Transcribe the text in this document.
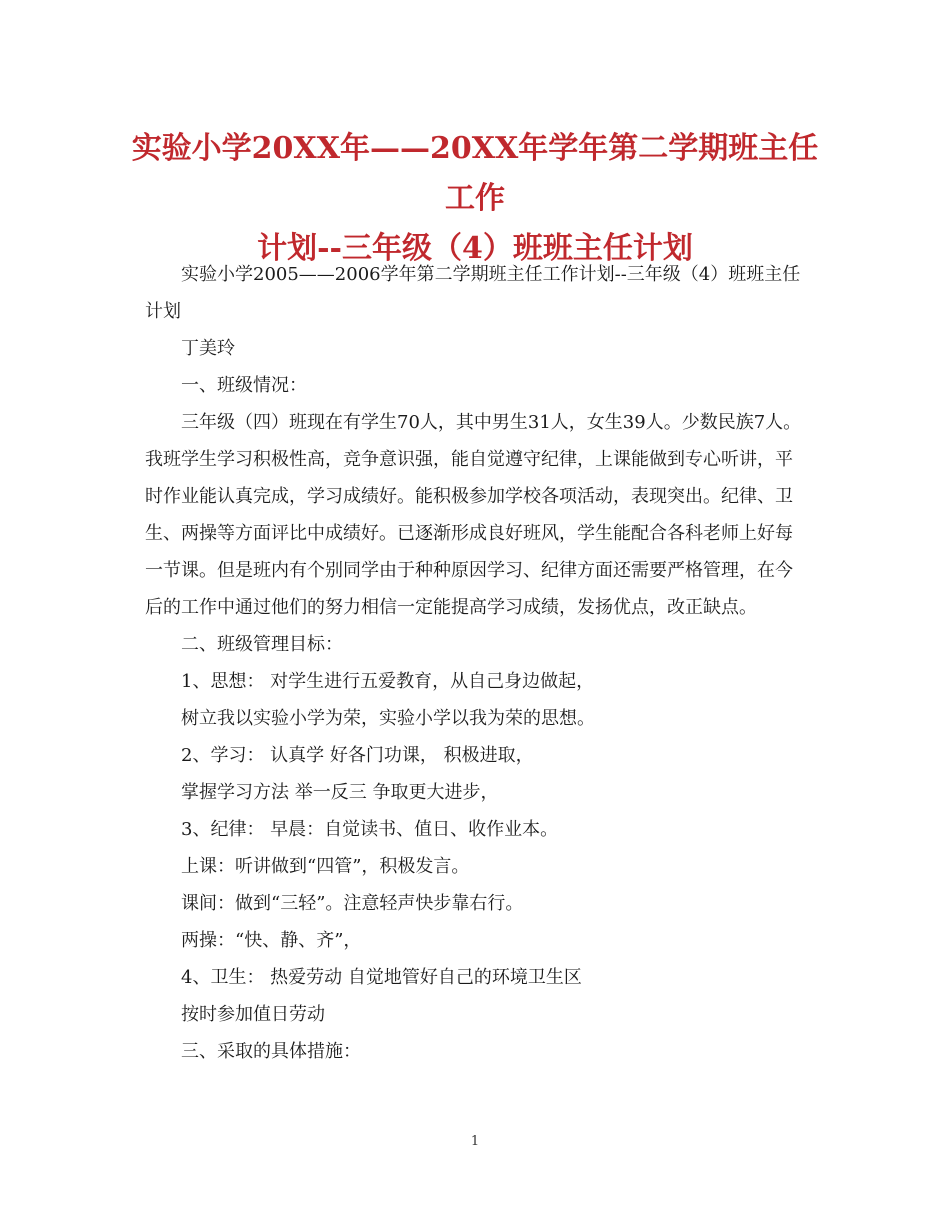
实验小学20XX年——20XX年学年第二学期班主任工作
计划--三年级（4）班班主任计划

实验小学2005——2006学年第二学期班主任工作计划--三年级（4）班班主任计划

丁美玲

一、班级情况：

三年级（四）班现在有学生70人，其中男生31人，女生39人。少数民族7人。我班学生学习积极性高，竞争意识强，能自觉遵守纪律，上课能做到专心听讲，平时作业能认真完成，学习成绩好。能积极参加学校各项活动，表现突出。纪律、卫生、两操等方面评比中成绩好。已逐渐形成良好班风，学生能配合各科老师上好每一节课。但是班内有个别同学由于种种原因学习、纪律方面还需要严格管理，在今后的工作中通过他们的努力相信一定能提高学习成绩，发扬优点，改正缺点。

二、班级管理目标：

1、思想： 对学生进行五爱教育，从自己身边做起，

树立我以实验小学为荣，实验小学以我为荣的思想。

2、学习： 认真学 好各门功课， 积极进取，

掌握学习方法 举一反三 争取更大进步，

3、纪律： 早晨：自觉读书、值日、收作业本。

上课：听讲做到“四管”，积极发言。

课间：做到“三轻”。注意轻声快步靠右行。

两操：“快、静、齐”，

4、卫生： 热爱劳动 自觉地管好自己的环境卫生区

按时参加值日劳动

三、采取的具体措施：

1
